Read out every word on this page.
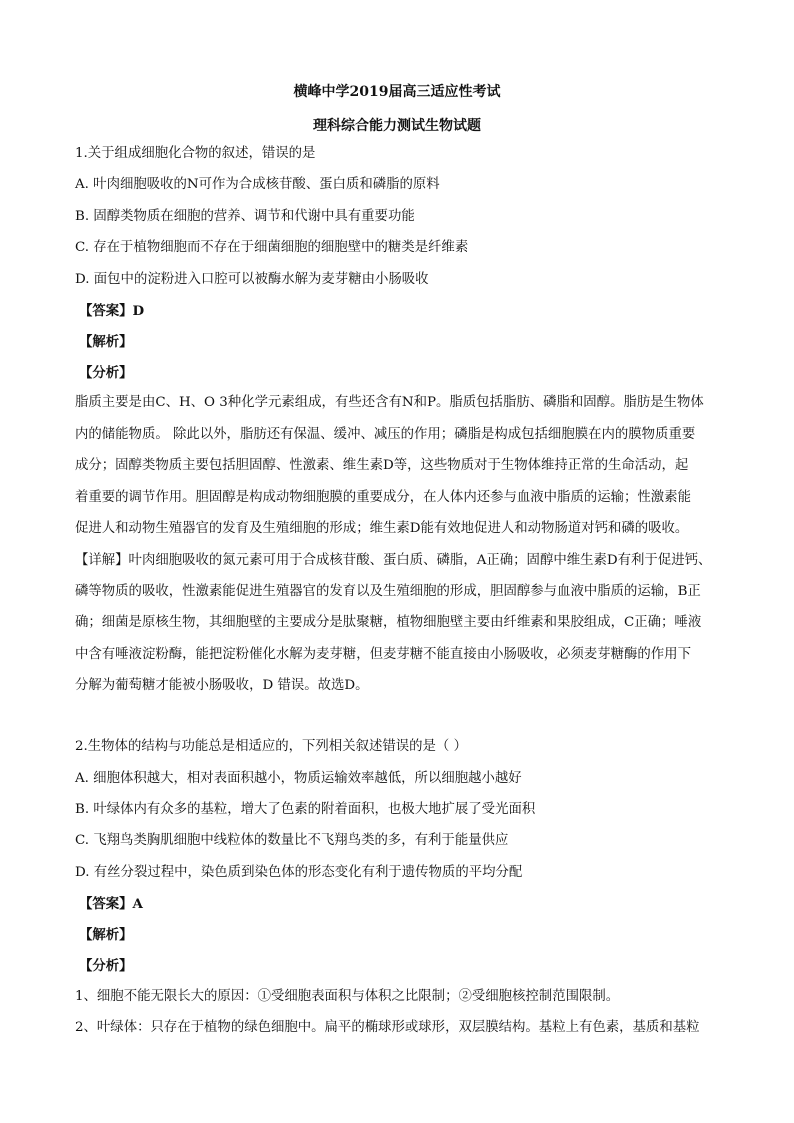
横峰中学2019届高三适应性考试
理科综合能力测试生物试题
1.关于组成细胞化合物的叙述，错误的是
A. 叶肉细胞吸收的N可作为合成核苷酸、蛋白质和磷脂的原料
B. 固醇类物质在细胞的营养、调节和代谢中具有重要功能
C. 存在于植物细胞而不存在于细菌细胞的细胞壁中的糖类是纤维素
D. 面包中的淀粉进入口腔可以被酶水解为麦芽糖由小肠吸收
【答案】D
【解析】
【分析】
脂质主要是由C、H、O 3种化学元素组成，有些还含有N和P。脂质包括脂肪、磷脂和固醇。脂肪是生物体
内的储能物质。 除此以外，脂肪还有保温、缓冲、减压的作用；磷脂是构成包括细胞膜在内的膜物质重要
成分；固醇类物质主要包括胆固醇、性激素、维生素D等，这些物质对于生物体维持正常的生命活动，起
着重要的调节作用。胆固醇是构成动物细胞膜的重要成分，在人体内还参与血液中脂质的运输；性激素能
促进人和动物生殖器官的发育及生殖细胞的形成；维生素D能有效地促进人和动物肠道对钙和磷的吸收。
【详解】叶肉细胞吸收的氮元素可用于合成核苷酸、蛋白质、磷脂，A正确；固醇中维生素D有利于促进钙、
磷等物质的吸收，性激素能促进生殖器官的发育以及生殖细胞的形成，胆固醇参与血液中脂质的运输，B正
确；细菌是原核生物，其细胞壁的主要成分是肽聚糖，植物细胞壁主要由纤维素和果胶组成，C正确；唾液
中含有唾液淀粉酶，能把淀粉催化水解为麦芽糖，但麦芽糖不能直接由小肠吸收，必须麦芽糖酶的作用下
分解为葡萄糖才能被小肠吸收，D 错误。故选D。
2.生物体的结构与功能总是相适应的，下列相关叙述错误的是（ ）
A. 细胞体积越大，相对表面积越小，物质运输效率越低，所以细胞越小越好
B. 叶绿体内有众多的基粒，增大了色素的附着面积，也极大地扩展了受光面积
C. 飞翔鸟类胸肌细胞中线粒体的数量比不飞翔鸟类的多，有利于能量供应
D. 有丝分裂过程中，染色质到染色体的形态变化有利于遗传物质的平均分配
【答案】A
【解析】
【分析】
1、细胞不能无限长大的原因：①受细胞表面积与体积之比限制；②受细胞核控制范围限制。
2、叶绿体：只存在于植物的绿色细胞中。扁平的椭球形或球形，双层膜结构。基粒上有色素，基质和基粒
